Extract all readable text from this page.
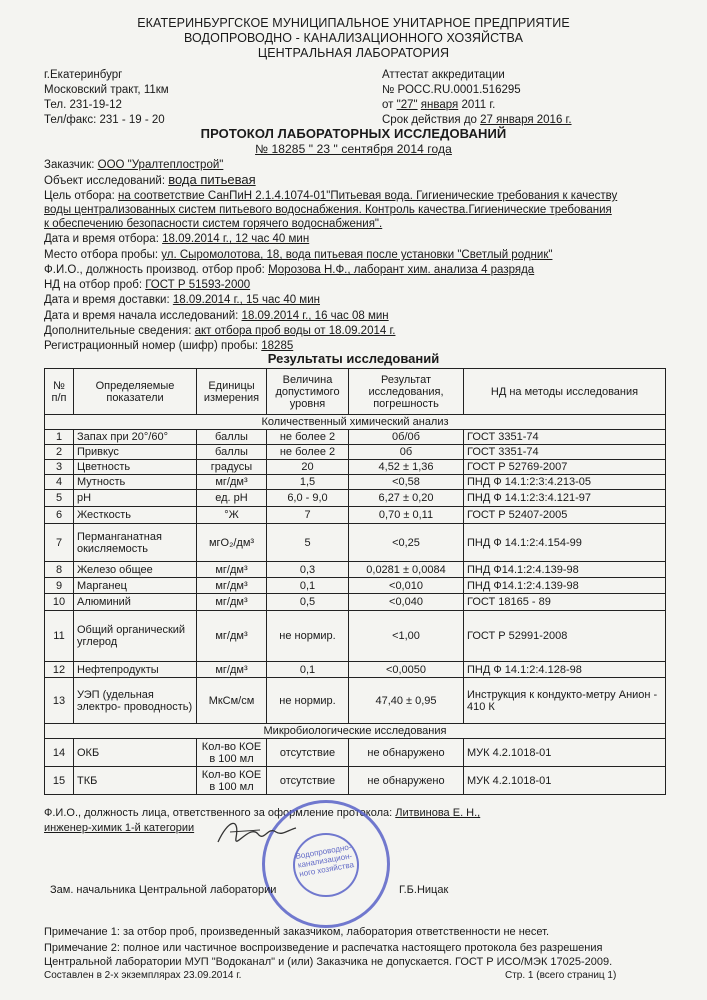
ЕКАТЕРИНБУРГСКОЕ МУНИЦИПАЛЬНОЕ УНИТАРНОЕ ПРЕДПРИЯТИЕ
ВОДОПРОВОДНО - КАНАЛИЗАЦИОННОГО ХОЗЯЙСТВА
ЦЕНТРАЛЬНАЯ ЛАБОРАТОРИЯ
г.Екатеринбург
Московский тракт, 11км
Тел. 231-19-12
Тел/факс: 231 - 19 - 20
Аттестат аккредитации
№ РОСС.RU.0001.516295
от "27" января 2011 г.
Срок действия до 27 января 2016 г.
ПРОТОКОЛ ЛАБОРАТОРНЫХ ИССЛЕДОВАНИЙ
№ 18285 " 23 " сентября 2014 года
Заказчик: ООО "Уралтеплострой"
Объект исследований: вода питьевая
Цель отбора: на соответствие СанПиН 2.1.4.1074-01"Питьевая вода. Гигиенические требования к качеству
воды централизованных систем питьевого водоснабжения. Контроль качества.Гигиенические требования
к обеспечению безопасности систем горячего водоснабжения".
Дата и время отбора: 18.09.2014 г., 12 час 40 мин
Место отбора пробы: ул. Сыромолотова, 18, вода питьевая после установки "Светлый родник"
Ф.И.О., должность производ. отбор проб: Морозова Н.Ф., лаборант хим. анализа 4 разряда
НД на отбор проб: ГОСТ Р 51593-2000
Дата и время доставки: 18.09.2014 г., 15 час 40 мин
Дата и время начала исследований: 18.09.2014 г., 16 час 08 мин
Дополнительные сведения: акт отбора проб воды от 18.09.2014 г.
Регистрационный номер (шифр) пробы: 18285
Результаты исследований
№ п/п	Определяемые показатели	Единицы измерения	Величина допустимого уровня	Результат исследования, погрешность	НД на методы исследования
Количественный химический анализ					
1	Запах при 20°/60°	баллы	не более 2	0б/0б	ГОСТ 3351-74
2	Привкус	баллы	не более 2	0б	ГОСТ 3351-74
3	Цветность	градусы	20	4,52 ± 1,36	ГОСТ Р 52769-2007
4	Мутность	мг/дм³	1,5	<0,58	ПНД Ф 14.1:2:3:4.213-05
5	pH	ед. pH	6,0 - 9,0	6,27 ± 0,20	ПНД Ф 14.1:2:3:4.121-97
6	Жесткость	°Ж	7	0,70 ± 0,11	ГОСТ Р 52407-2005
7	Перманганатная окисляемость	мгО₂/дм³	5	<0,25	ПНД Ф 14.1:2:4.154-99
8	Железо общее	мг/дм³	0,3	0,0281 ± 0,0084	ПНД Ф14.1:2:4.139-98
9	Марганец	мг/дм³	0,1	<0,010	ПНД Ф14.1:2:4.139-98
10	Алюминий	мг/дм³	0,5	<0,040	ГОСТ 18165 - 89
11	Общий органический углерод	мг/дм³	не нормир.	<1,00	ГОСТ Р 52991-2008
12	Нефтепродукты	мг/дм³	0,1	<0,0050	ПНД Ф 14.1:2:4.128-98
13	УЭП (удельная электро- проводность)	МкСм/см	не нормир.	47,40 ± 0,95	Инструкция к кондукто-метру Анион - 410 К
Микробиологические исследования					
14	ОКБ	Кол-во КОЕ в 100 мл	отсутствие	не обнаружено	МУК 4.2.1018-01
15	ТКБ	Кол-во КОЕ в 100 мл	отсутствие	не обнаружено	МУК 4.2.1018-01
Ф.И.О., должность лица, ответственного за оформление протокола: Литвинова Е. Н.,
инженер-химик 1-й категории
Водопроводно-канализацион-ного хозяйства
Зам. начальника Центральной лаборатории	Г.Б.Ницак
Примечание 1: за отбор проб, произведенный заказчиком, лаборатория ответственности не несет.
Примечание 2: полное или частичное воспроизведение и распечатка настоящего протокола без разрешения
Центральной лаборатории МУП "Водоканал" и (или) Заказчика не допускается. ГОСТ Р ИСО/МЭК 17025-2009.
Составлен в 2-х экземплярах 23.09.2014 г.	Стр. 1 (всего страниц 1)
